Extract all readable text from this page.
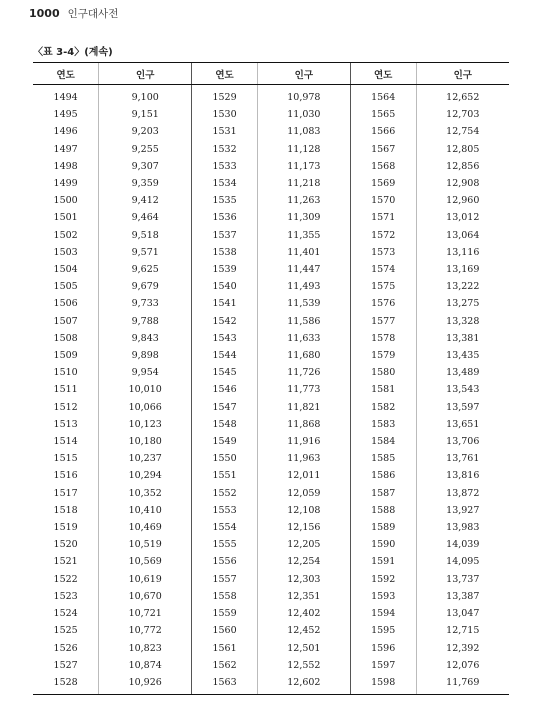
1000 인구대사전
〈표 3-4〉(계속)
연도	인구	연도	인구	연도	인구
1494	9,100	1529	10,978	1564	12,652
1495	9,151	1530	11,030	1565	12,703
1496	9,203	1531	11,083	1566	12,754
1497	9,255	1532	11,128	1567	12,805
1498	9,307	1533	11,173	1568	12,856
1499	9,359	1534	11,218	1569	12,908
1500	9,412	1535	11,263	1570	12,960
1501	9,464	1536	11,309	1571	13,012
1502	9,518	1537	11,355	1572	13,064
1503	9,571	1538	11,401	1573	13,116
1504	9,625	1539	11,447	1574	13,169
1505	9,679	1540	11,493	1575	13,222
1506	9,733	1541	11,539	1576	13,275
1507	9,788	1542	11,586	1577	13,328
1508	9,843	1543	11,633	1578	13,381
1509	9,898	1544	11,680	1579	13,435
1510	9,954	1545	11,726	1580	13,489
1511	10,010	1546	11,773	1581	13,543
1512	10,066	1547	11,821	1582	13,597
1513	10,123	1548	11,868	1583	13,651
1514	10,180	1549	11,916	1584	13,706
1515	10,237	1550	11,963	1585	13,761
1516	10,294	1551	12,011	1586	13,816
1517	10,352	1552	12,059	1587	13,872
1518	10,410	1553	12,108	1588	13,927
1519	10,469	1554	12,156	1589	13,983
1520	10,519	1555	12,205	1590	14,039
1521	10,569	1556	12,254	1591	14,095
1522	10,619	1557	12,303	1592	13,737
1523	10,670	1558	12,351	1593	13,387
1524	10,721	1559	12,402	1594	13,047
1525	10,772	1560	12,452	1595	12,715
1526	10,823	1561	12,501	1596	12,392
1527	10,874	1562	12,552	1597	12,076
1528	10,926	1563	12,602	1598	11,769
